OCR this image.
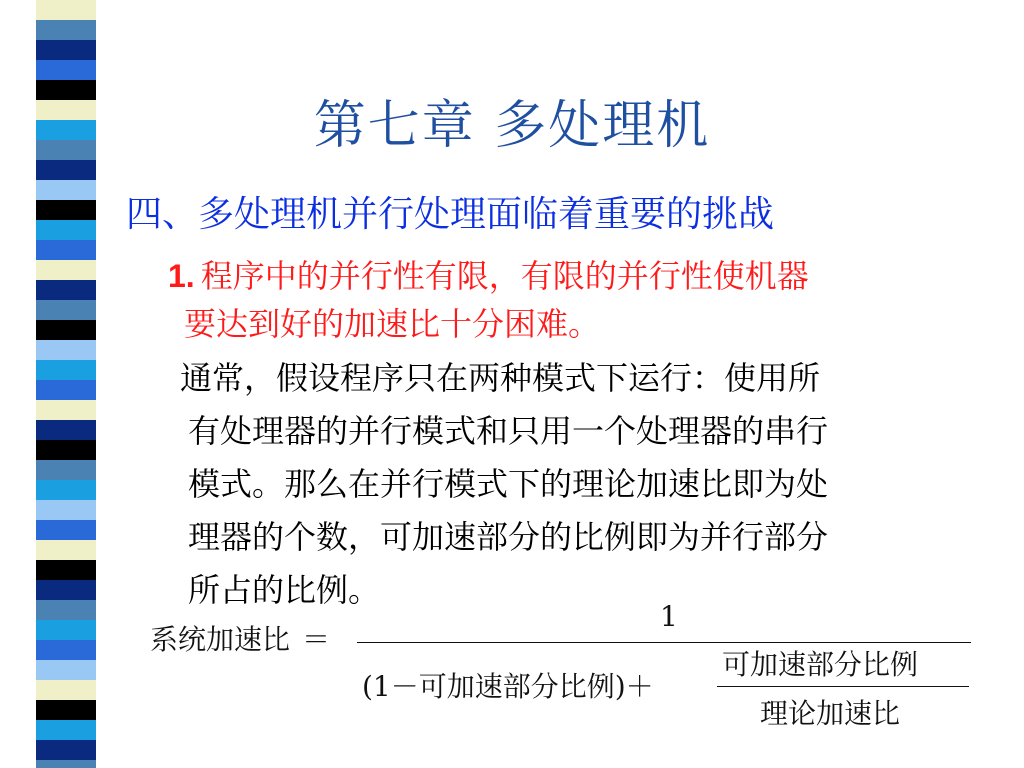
第七章 多处理机
四、多处理机并行处理面临着重要的挑战
1. 程序中的并行性有限，有限的并行性使机器
要达到好的加速比十分困难。
通常，假设程序只在两种模式下运行：使用所
有处理器的并行模式和只用一个处理器的串行
模式。那么在并行模式下的理论加速比即为处
理器的个数，可加速部分的比例即为并行部分
所占的比例。
系统加速比 ＝
1
(1－可加速部分比例)＋
可加速部分比例
理论加速比
